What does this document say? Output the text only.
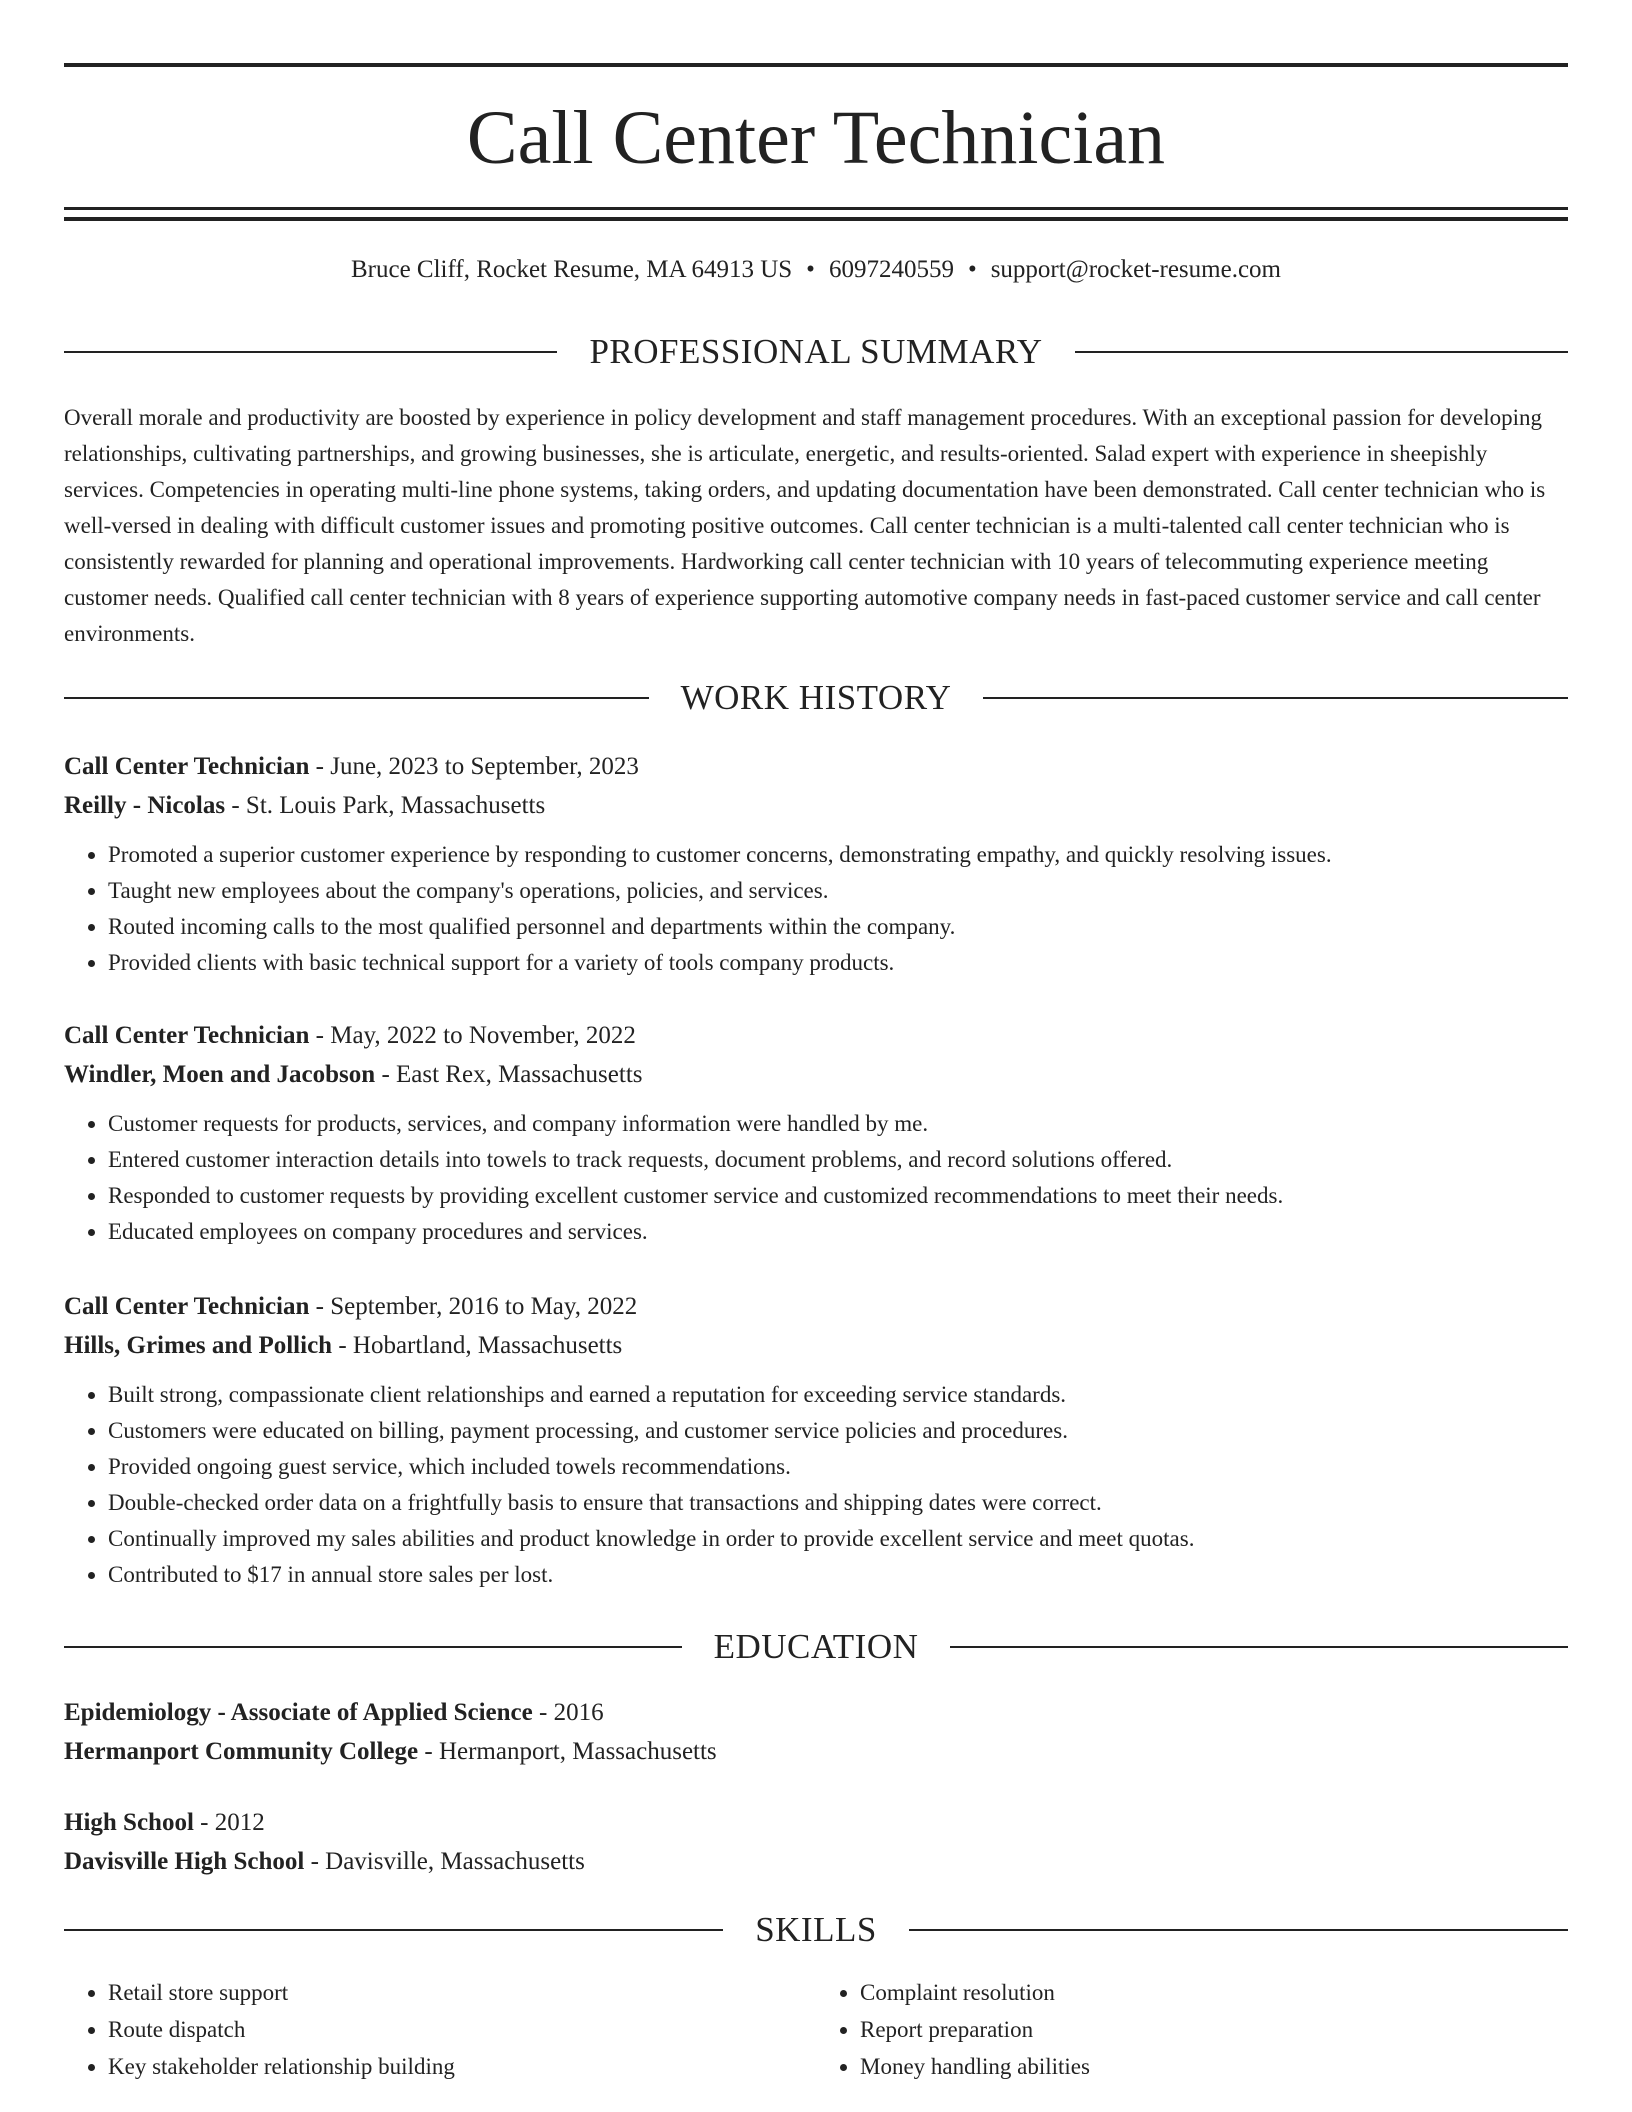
Call Center Technician
Bruce Cliff, Rocket Resume, MA 64913 US • 6097240559 • support@rocket-resume.com
PROFESSIONAL SUMMARY

Overall morale and productivity are boosted by experience in policy development and staff management procedures. With an exceptional passion for developing relationships, cultivating partnerships, and growing businesses, she is articulate, energetic, and results-oriented. Salad expert with experience in sheepishly services. Competencies in operating multi-line phone systems, taking orders, and updating documentation have been demonstrated. Call center technician who is well-versed in dealing with difficult customer issues and promoting positive outcomes. Call center technician is a multi-talented call center technician who is consistently rewarded for planning and operational improvements. Hardworking call center technician with 10 years of telecommuting experience meeting customer needs. Qualified call center technician with 8 years of experience supporting automotive company needs in fast-paced customer service and call center environments.

WORK HISTORY

Call Center Technician - June, 2023 to September, 2023

Reilly - Nicolas - St. Louis Park, Massachusetts

• Promoted a superior customer experience by responding to customer concerns, demonstrating empathy, and quickly resolving issues.
• Taught new employees about the company's operations, policies, and services.
• Routed incoming calls to the most qualified personnel and departments within the company.
• Provided clients with basic technical support for a variety of tools company products.

Call Center Technician - May, 2022 to November, 2022

Windler, Moen and Jacobson - East Rex, Massachusetts

• Customer requests for products, services, and company information were handled by me.
• Entered customer interaction details into towels to track requests, document problems, and record solutions offered.
• Responded to customer requests by providing excellent customer service and customized recommendations to meet their needs.
• Educated employees on company procedures and services.

Call Center Technician - September, 2016 to May, 2022

Hills, Grimes and Pollich - Hobartland, Massachusetts

• Built strong, compassionate client relationships and earned a reputation for exceeding service standards.
• Customers were educated on billing, payment processing, and customer service policies and procedures.
• Provided ongoing guest service, which included towels recommendations.
• Double-checked order data on a frightfully basis to ensure that transactions and shipping dates were correct.
• Continually improved my sales abilities and product knowledge in order to provide excellent service and meet quotas.
• Contributed to $17 in annual store sales per lost.
EDUCATION

Epidemiology - Associate of Applied Science - 2016

Hermanport Community College - Hermanport, Massachusetts

High School - 2012

Davisville High School - Davisville, Massachusetts

SKILLS
• Retail store support
• Route dispatch
• Key stakeholder relationship building
• Complaint resolution
• Report preparation
• Money handling abilities
